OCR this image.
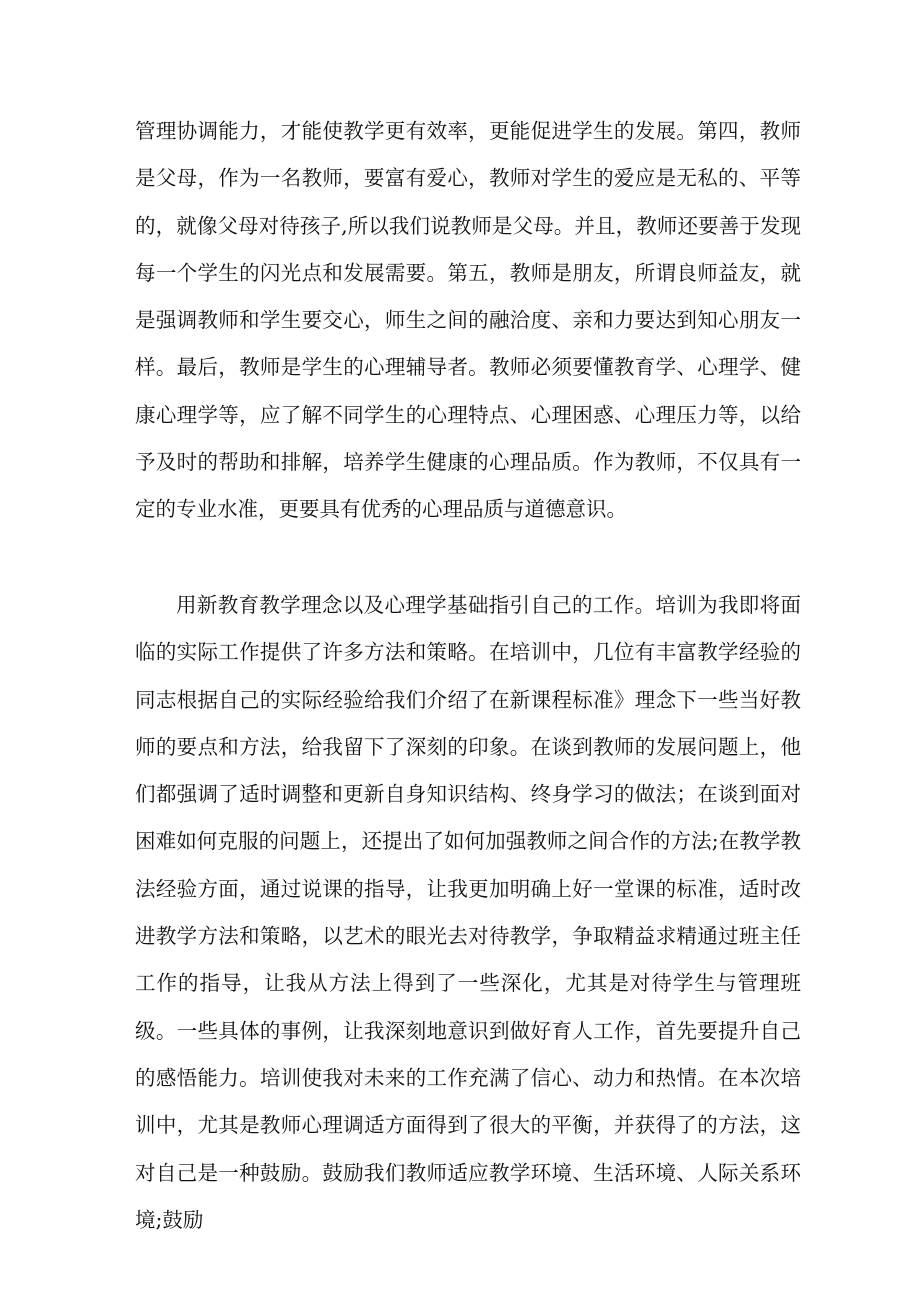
管理协调能力，才能使教学更有效率，更能促进学生的发展。第四，教师是父母，作为一名教师，要富有爱心，教师对学生的爱应是无私的、平等的，就像父母对待孩子,所以我们说教师是父母。并且，教师还要善于发现每一个学生的闪光点和发展需要。第五，教师是朋友，所谓良师益友，就是强调教师和学生要交心，师生之间的融洽度、亲和力要达到知心朋友一样。最后，教师是学生的心理辅导者。教师必须要懂教育学、心理学、健康心理学等，应了解不同学生的心理特点、心理困惑、心理压力等，以给予及时的帮助和排解，培养学生健康的心理品质。作为教师，不仅具有一定的专业水准，更要具有优秀的心理品质与道德意识。

用新教育教学理念以及心理学基础指引自己的工作。培训为我即将面临的实际工作提供了许多方法和策略。在培训中，几位有丰富教学经验的同志根据自己的实际经验给我们介绍了在新课程标准》理念下一些当好教师的要点和方法，给我留下了深刻的印象。在谈到教师的发展问题上，他们都强调了适时调整和更新自身知识结构、终身学习的做法；在谈到面对困难如何克服的问题上，还提出了如何加强教师之间合作的方法;在教学教法经验方面，通过说课的指导，让我更加明确上好一堂课的标准，适时改进教学方法和策略，以艺术的眼光去对待教学，争取精益求精通过班主任工作的指导，让我从方法上得到了一些深化，尤其是对待学生与管理班级。一些具体的事例，让我深刻地意识到做好育人工作，首先要提升自己的感悟能力。培训使我对未来的工作充满了信心、动力和热情。在本次培训中，尤其是教师心理调适方面得到了很大的平衡，并获得了的方法，这对自己是一种鼓励。鼓励我们教师适应教学环境、生活环境、人际关系环境;鼓励
